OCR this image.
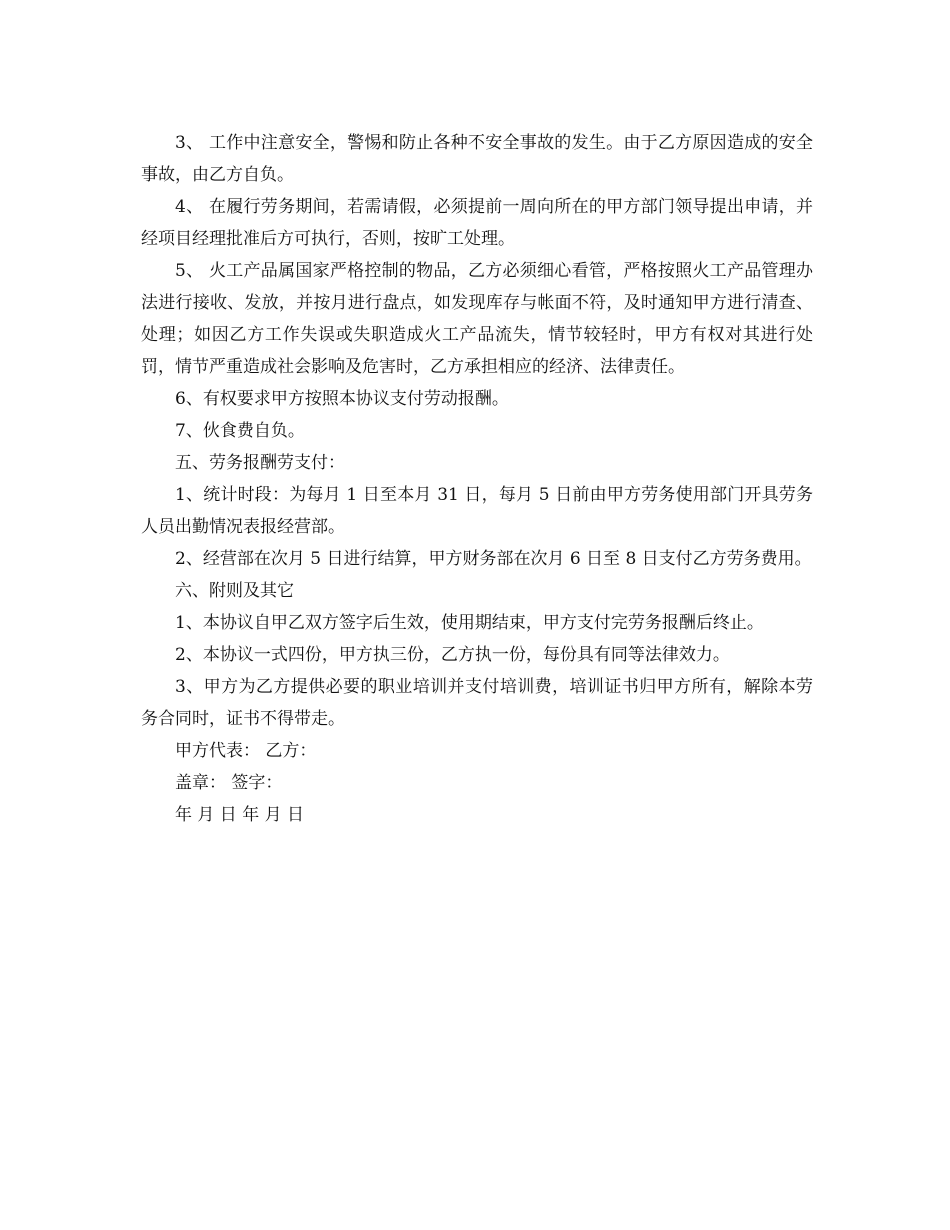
3、 工作中注意安全，警惕和防止各种不安全事故的发生。由于乙方原因造成的安全事故，由乙方自负。

4、 在履行劳务期间，若需请假，必须提前一周向所在的甲方部门领导提出申请，并经项目经理批准后方可执行，否则，按旷工处理。

5、 火工产品属国家严格控制的物品，乙方必须细心看管，严格按照火工产品管理办法进行接收、发放，并按月进行盘点，如发现库存与帐面不符，及时通知甲方进行清查、处理；如因乙方工作失误或失职造成火工产品流失，情节较轻时，甲方有权对其进行处罚，情节严重造成社会影响及危害时，乙方承担相应的经济、法律责任。

6、有权要求甲方按照本协议支付劳动报酬。

7、伙食费自负。

五、劳务报酬劳支付：

1、统计时段：为每月 1 日至本月 31 日，每月 5 日前由甲方劳务使用部门开具劳务人员出勤情况表报经营部。

2、经营部在次月 5 日进行结算，甲方财务部在次月 6 日至 8 日支付乙方劳务费用。

六、附则及其它

1、本协议自甲乙双方签字后生效，使用期结束，甲方支付完劳务报酬后终止。

2、本协议一式四份，甲方执三份，乙方执一份，每份具有同等法律效力。

3、甲方为乙方提供必要的职业培训并支付培训费，培训证书归甲方所有，解除本劳务合同时，证书不得带走。

甲方代表： 乙方：

盖章： 签字：

年 月 日 年 月 日
